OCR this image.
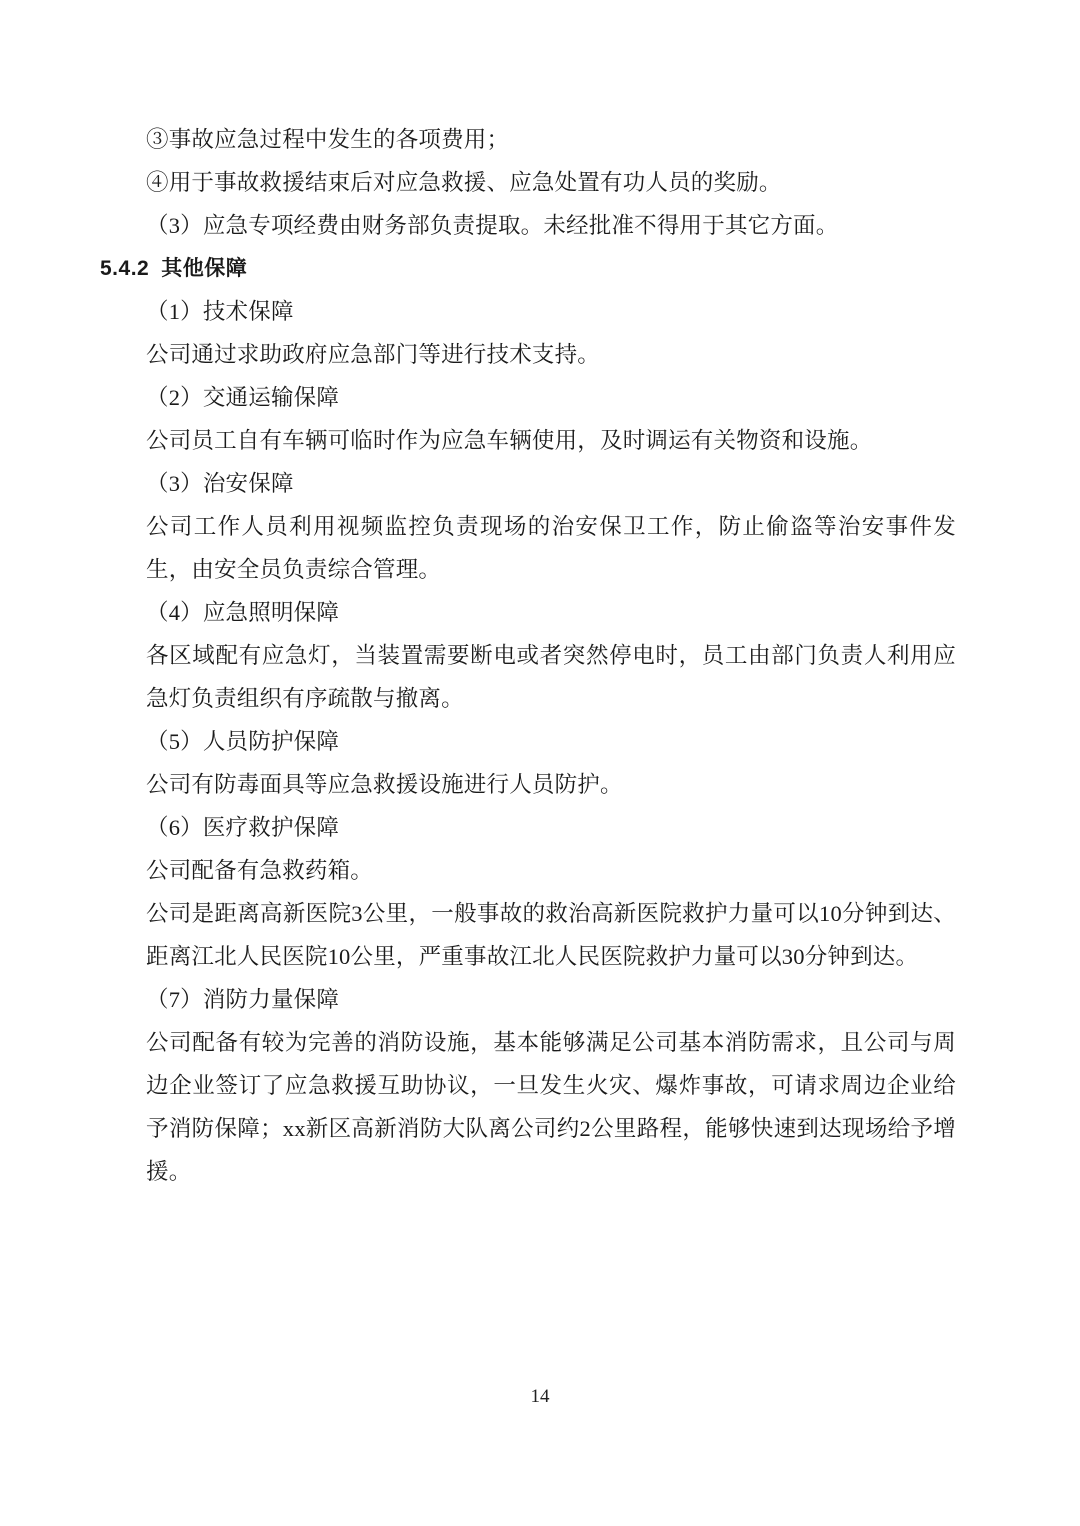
③事故应急过程中发生的各项费用；

④用于事故救援结束后对应急救援、应急处置有功人员的奖励。

（3）应急专项经费由财务部负责提取。未经批准不得用于其它方面。

5.4.2 其他保障

（1）技术保障

公司通过求助政府应急部门等进行技术支持。

（2）交通运输保障

公司员工自有车辆可临时作为应急车辆使用，及时调运有关物资和设施。

（3）治安保障

公司工作人员利用视频监控负责现场的治安保卫工作，防止偷盗等治安事件发生，由安全员负责综合管理。

（4）应急照明保障

各区域配有应急灯，当装置需要断电或者突然停电时，员工由部门负责人利用应急灯负责组织有序疏散与撤离。

（5）人员防护保障

公司有防毒面具等应急救援设施进行人员防护。

（6）医疗救护保障

公司配备有急救药箱。

公司是距离高新医院3公里，一般事故的救治高新医院救护力量可以10分钟到达、距离江北人民医院10公里，严重事故江北人民医院救护力量可以30分钟到达。

（7）消防力量保障

公司配备有较为完善的消防设施，基本能够满足公司基本消防需求，且公司与周边企业签订了应急救援互助协议，一旦发生火灾、爆炸事故，可请求周边企业给予消防保障；xx新区高新消防大队离公司约2公里路程，能够快速到达现场给予增援。

14
